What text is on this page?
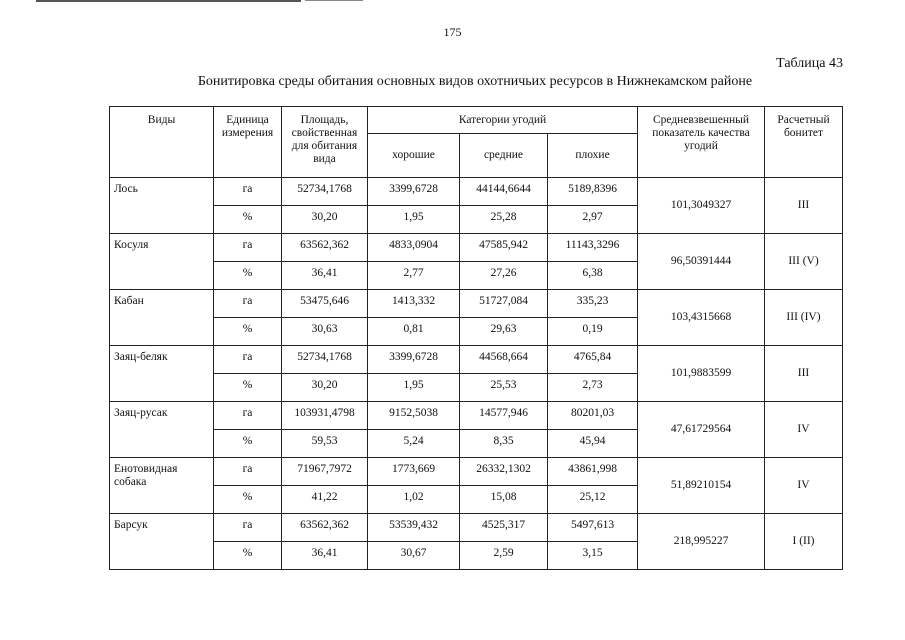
175
Таблица 43
Бонитировка среды обитания основных видов охотничьих ресурсов в Нижнекамском районе
Виды	Единица измерения	Площадь, свойственная для обитания вида	Категории угодий			Средневзвешенный показатель качества угодий	Расчетный бонитет
			хорошие	средние	плохие		
Лось	га	52734,1768	3399,6728	44144,6644	5189,8396	101,3049327	III
	%	30,20	1,95	25,28	2,97		
Косуля	га	63562,362	4833,0904	47585,942	11143,3296	96,50391444	III (V)
	%	36,41	2,77	27,26	6,38		
Кабан	га	53475,646	1413,332	51727,084	335,23	103,4315668	III (IV)
	%	30,63	0,81	29,63	0,19		
Заяц-беляк	га	52734,1768	3399,6728	44568,664	4765,84	101,9883599	III
	%	30,20	1,95	25,53	2,73		
Заяц-русак	га	103931,4798	9152,5038	14577,946	80201,03	47,61729564	IV
	%	59,53	5,24	8,35	45,94		
Енотовидная собака	га	71967,7972	1773,669	26332,1302	43861,998	51,89210154	IV
	%	41,22	1,02	15,08	25,12		
Барсук	га	63562,362	53539,432	4525,317	5497,613	218,995227	I (II)
	%	36,41	30,67	2,59	3,15		
